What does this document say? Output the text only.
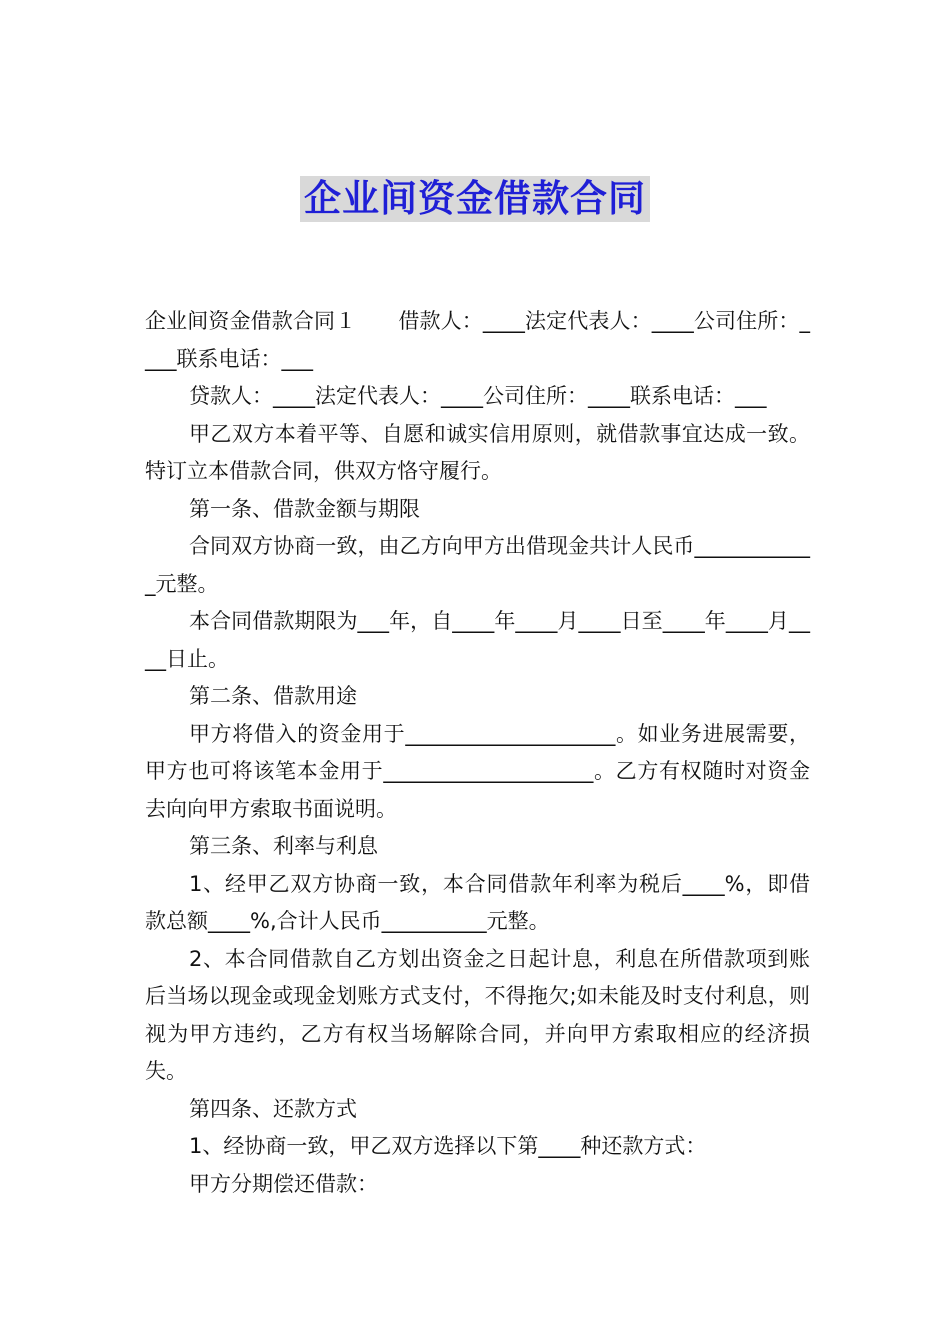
企业间资金借款合同

企业间资金借款合同１  借款人：____法定代表人：____公司住所：____联系电话：___

贷款人：____法定代表人：____公司住所：____联系电话：___

甲乙双方本着平等、自愿和诚实信用原则，就借款事宜达成一致。特订立本借款合同，供双方恪守履行。

第一条、借款金额与期限

合同双方协商一致，由乙方向甲方出借现金共计人民币____________元整。

本合同借款期限为___年，自____年____月____日至____年____月____日止。

第二条、借款用途

甲方将借入的资金用于____________________。如业务进展需要，甲方也可将该笔本金用于____________________。乙方有权随时对资金去向向甲方索取书面说明。

第三条、利率与利息

1、经甲乙双方协商一致，本合同借款年利率为税后____%，即借款总额____%,合计人民币__________元整。

2、本合同借款自乙方划出资金之日起计息，利息在所借款项到账后当场以现金或现金划账方式支付，不得拖欠;如未能及时支付利息，则视为甲方违约，乙方有权当场解除合同，并向甲方索取相应的经济损失。

第四条、还款方式

1、经协商一致，甲乙双方选择以下第____种还款方式：

甲方分期偿还借款：
